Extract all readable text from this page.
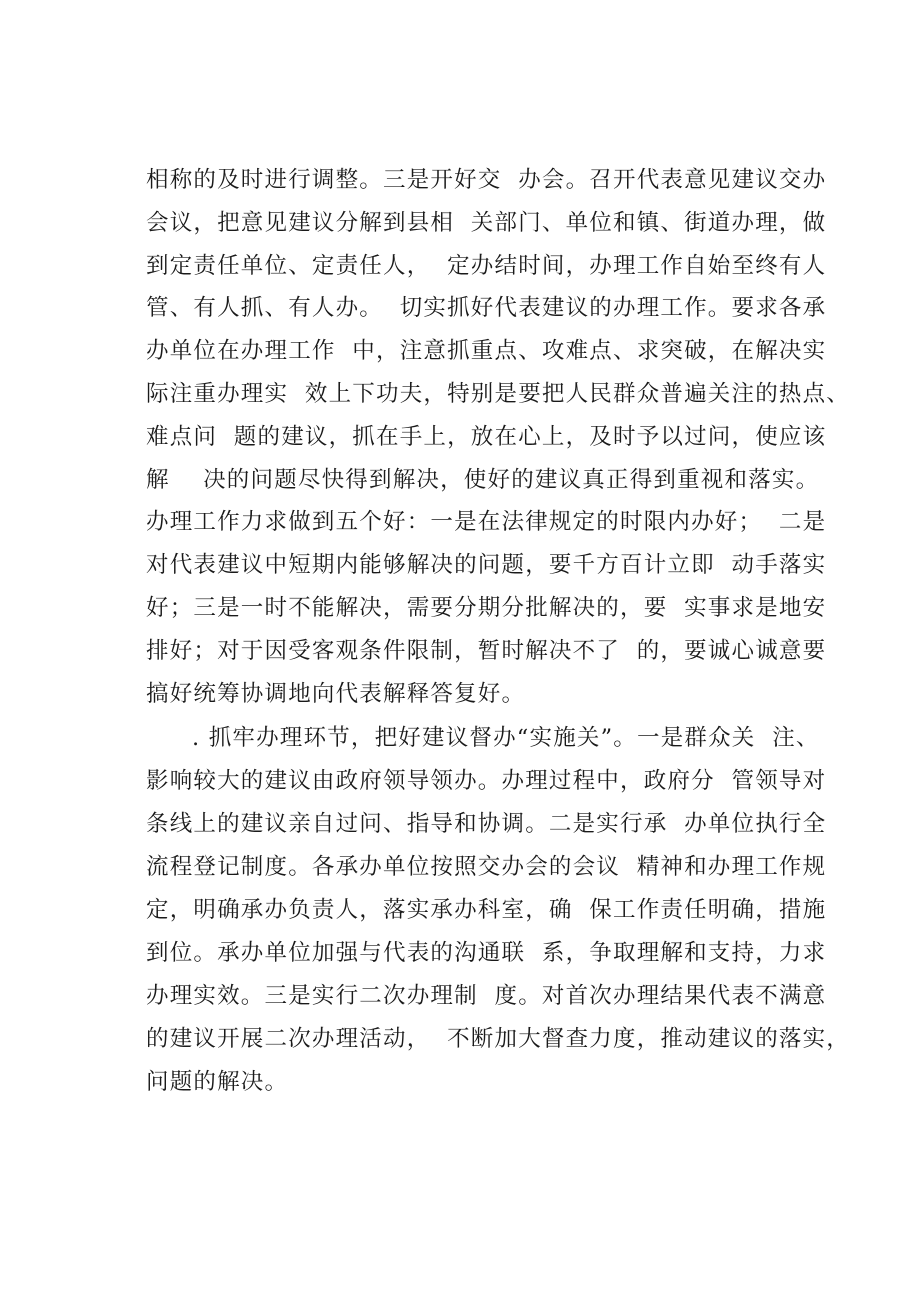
相称的及时进行调整。三是开好交  办会。召开代表意见建议交办
会议，把意见建议分解到县相  关部门、单位和镇、街道办理，做
到定责任单位、定责任人，  定办结时间，办理工作自始至终有人
管、有人抓、有人办。  切实抓好代表建议的办理工作。要求各承
办单位在办理工作  中，注意抓重点、攻难点、求突破，在解决实
际注重办理实  效上下功夫，特别是要把人民群众普遍关注的热点、
难点问  题的建议，抓在手上，放在心上，及时予以过问，使应该
解    决的问题尽快得到解决，使好的建议真正得到重视和落实。
办理工作力求做到五个好：一是在法律规定的时限内办好；  二是
对代表建议中短期内能够解决的问题，要千方百计立即  动手落实
好；三是一时不能解决，需要分期分批解决的，要  实事求是地安
排好；对于因受客观条件限制，暂时解决不了  的，要诚心诚意要
搞好统筹协调地向代表解释答复好。
. 抓牢办理环节，把好建议督办“实施关”。一是群众关  注、
影响较大的建议由政府领导领办。办理过程中，政府分  管领导对
条线上的建议亲自过问、指导和协调。二是实行承  办单位执行全
流程登记制度。各承办单位按照交办会的会议  精神和办理工作规
定，明确承办负责人，落实承办科室，确  保工作责任明确，措施
到位。承办单位加强与代表的沟通联  系，争取理解和支持，力求
办理实效。三是实行二次办理制  度。对首次办理结果代表不满意
的建议开展二次办理活动，  不断加大督查力度，推动建议的落实，
问题的解决。
